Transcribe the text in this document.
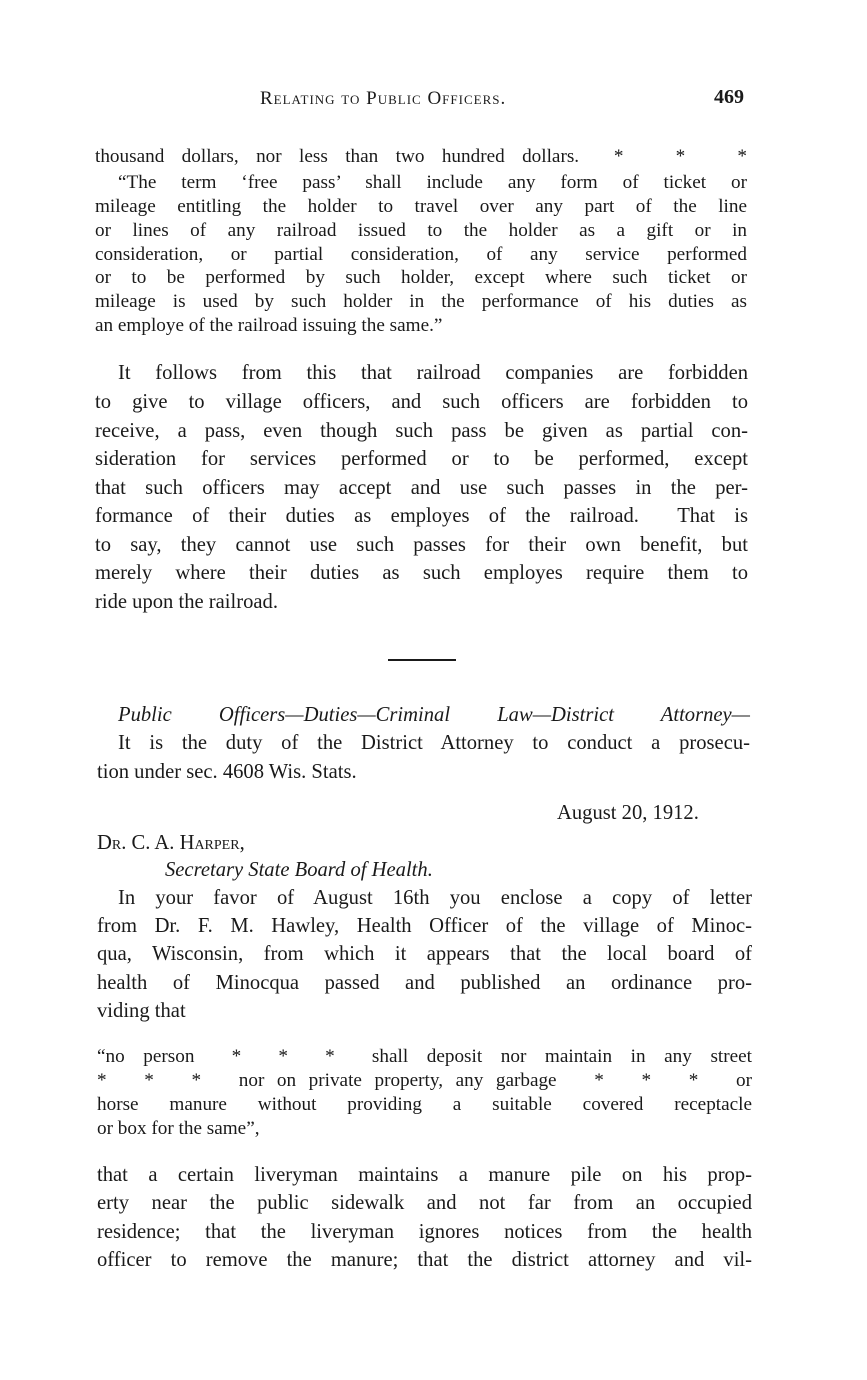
Relating to Public Officers.	469
thousand dollars, nor less than two hundred dollars.  *   *   *
“The term ‘free pass’ shall include any form of ticket or
mileage entitling the holder to travel over any part of the line
or lines of any railroad issued to the holder as a gift or in
consideration, or partial consideration, of any service performed
or to be performed by such holder, except where such ticket or
mileage is used by such holder in the performance of his duties as
an employe of the railroad issuing the same.”
It follows from this that railroad companies are forbidden
to give to village officers, and such officers are forbidden to
receive, a pass, even though such pass be given as partial con-
sideration for services performed or to be performed, except
that such officers may accept and use such passes in the per-
formance of their duties as employes of the railroad.  That is
to say, they cannot use such passes for their own benefit, but
merely where their duties as such employes require them to
ride upon the railroad.
Public Officers—Duties—Criminal Law—District Attorney—
It is the duty of the District Attorney to conduct a prosecu-
tion under sec. 4608 Wis. Stats.
August 20, 1912.
Dr. C. A. Harper,
Secretary State Board of Health.
In your favor of August 16th you enclose a copy of letter
from Dr. F. M. Hawley, Health Officer of the village of Minoc-
qua, Wisconsin, from which it appears that the local board of
health of Minocqua passed and published an ordinance pro-
viding that
“no person  *  *  *  shall deposit nor maintain in any street
*   *   *   nor on private property, any garbage   *   *   *   or
horse manure without providing a suitable covered receptacle
or box for the same”,
that a certain liveryman maintains a manure pile on his prop-
erty near the public sidewalk and not far from an occupied
residence; that the liveryman ignores notices from the health
officer to remove the manure; that the district attorney and vil-
